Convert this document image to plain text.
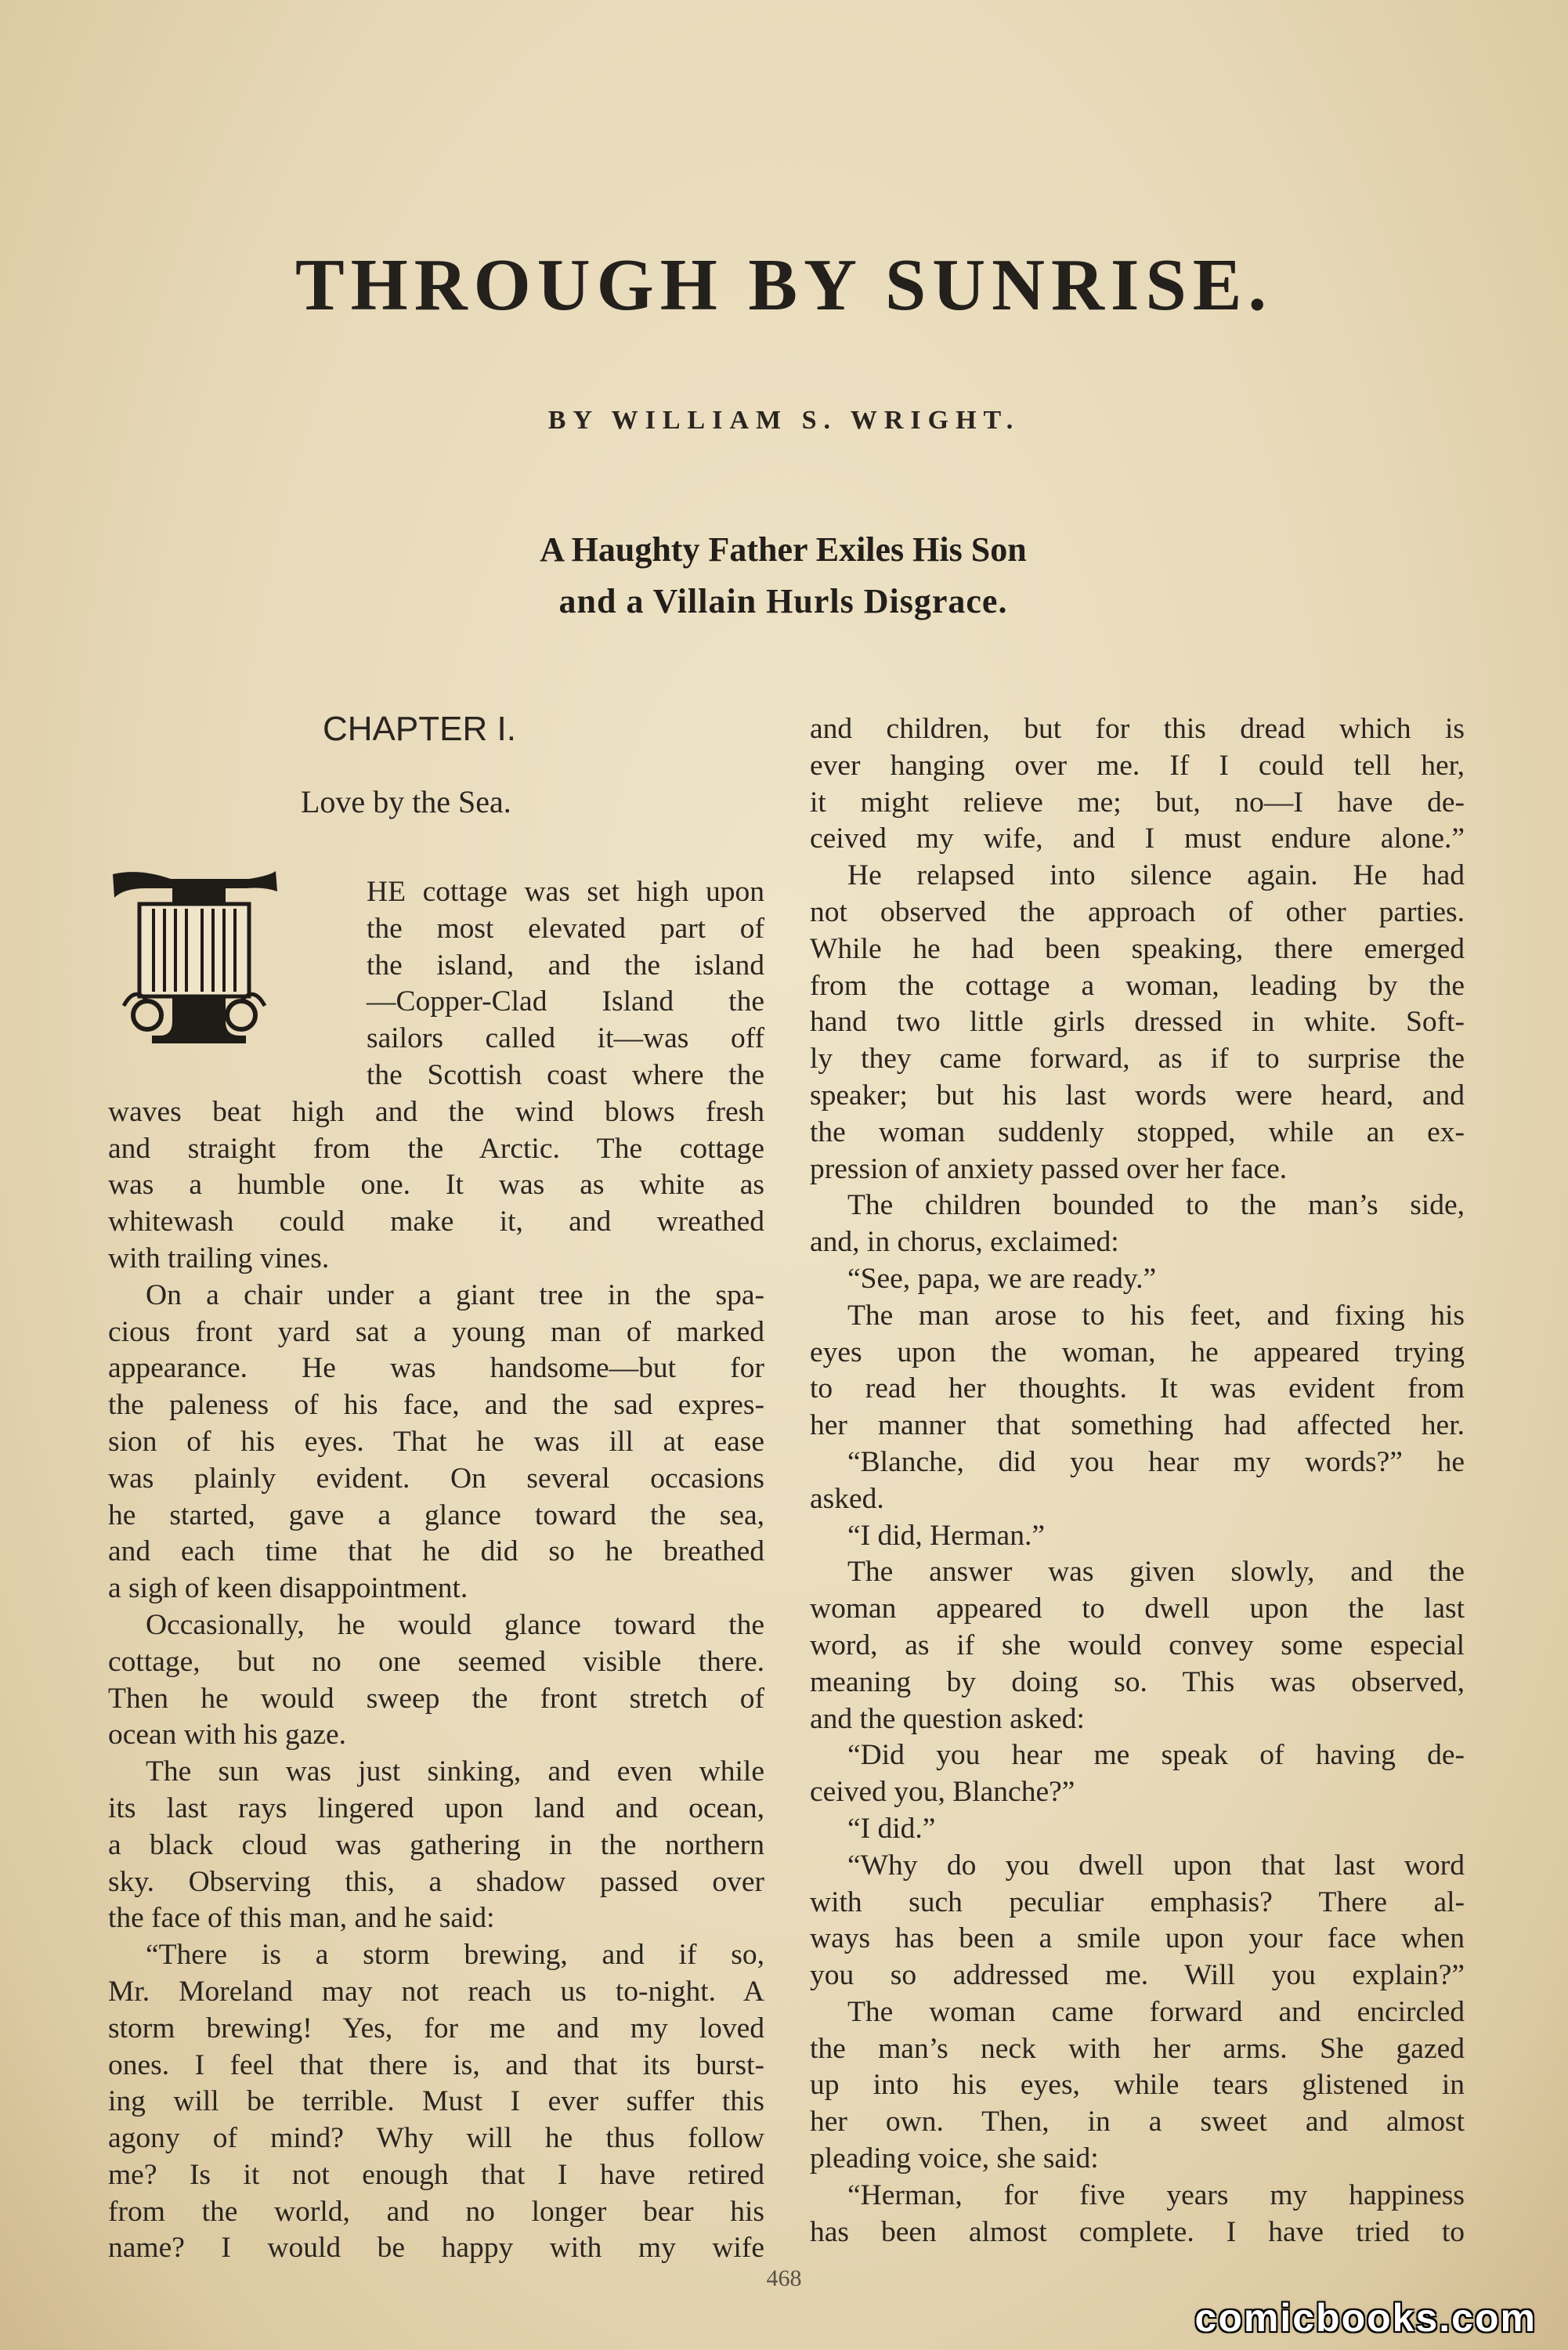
THROUGH BY SUNRISE.
BY WILLIAM S. WRIGHT.
A Haughty Father Exiles His Son
and a Villain Hurls Disgrace.
CHAPTER I.
Love by the Sea.
HE cottage was set high upon
the most elevated part of
the island, and the island
—Copper-Clad Island the
sailors called it—was off
the Scottish coast where the
waves beat high and the wind blows fresh
and straight from the Arctic. The cottage
was a humble one. It was as white as
whitewash could make it, and wreathed
with trailing vines.
On a chair under a giant tree in the spa-
cious front yard sat a young man of marked
appearance. He was handsome—but for
the paleness of his face, and the sad expres-
sion of his eyes. That he was ill at ease
was plainly evident. On several occasions
he started, gave a glance toward the sea,
and each time that he did so he breathed
a sigh of keen disappointment.
Occasionally, he would glance toward the
cottage, but no one seemed visible there.
Then he would sweep the front stretch of
ocean with his gaze.
The sun was just sinking, and even while
its last rays lingered upon land and ocean,
a black cloud was gathering in the northern
sky. Observing this, a shadow passed over
the face of this man, and he said:
“There is a storm brewing, and if so,
Mr. Moreland may not reach us to-night. A
storm brewing! Yes, for me and my loved
ones. I feel that there is, and that its burst-
ing will be terrible. Must I ever suffer this
agony of mind? Why will he thus follow
me? Is it not enough that I have retired
from the world, and no longer bear his
name? I would be happy with my wife
and children, but for this dread which is
ever hanging over me. If I could tell her,
it might relieve me; but, no—I have de-
ceived my wife, and I must endure alone.”
He relapsed into silence again. He had
not observed the approach of other parties.
While he had been speaking, there emerged
from the cottage a woman, leading by the
hand two little girls dressed in white. Soft-
ly they came forward, as if to surprise the
speaker; but his last words were heard, and
the woman suddenly stopped, while an ex-
pression of anxiety passed over her face.
The children bounded to the man’s side,
and, in chorus, exclaimed:
“See, papa, we are ready.”
The man arose to his feet, and fixing his
eyes upon the woman, he appeared trying
to read her thoughts. It was evident from
her manner that something had affected her.
“Blanche, did you hear my words?” he
asked.
“I did, Herman.”
The answer was given slowly, and the
woman appeared to dwell upon the last
word, as if she would convey some especial
meaning by doing so. This was observed,
and the question asked:
“Did you hear me speak of having de-
ceived you, Blanche?”
“I did.”
“Why do you dwell upon that last word
with such peculiar emphasis? There al-
ways has been a smile upon your face when
you so addressed me. Will you explain?”
The woman came forward and encircled
the man’s neck with her arms. She gazed
up into his eyes, while tears glistened in
her own. Then, in a sweet and almost
pleading voice, she said:
“Herman, for five years my happiness
has been almost complete. I have tried to
468
comicbooks.com
